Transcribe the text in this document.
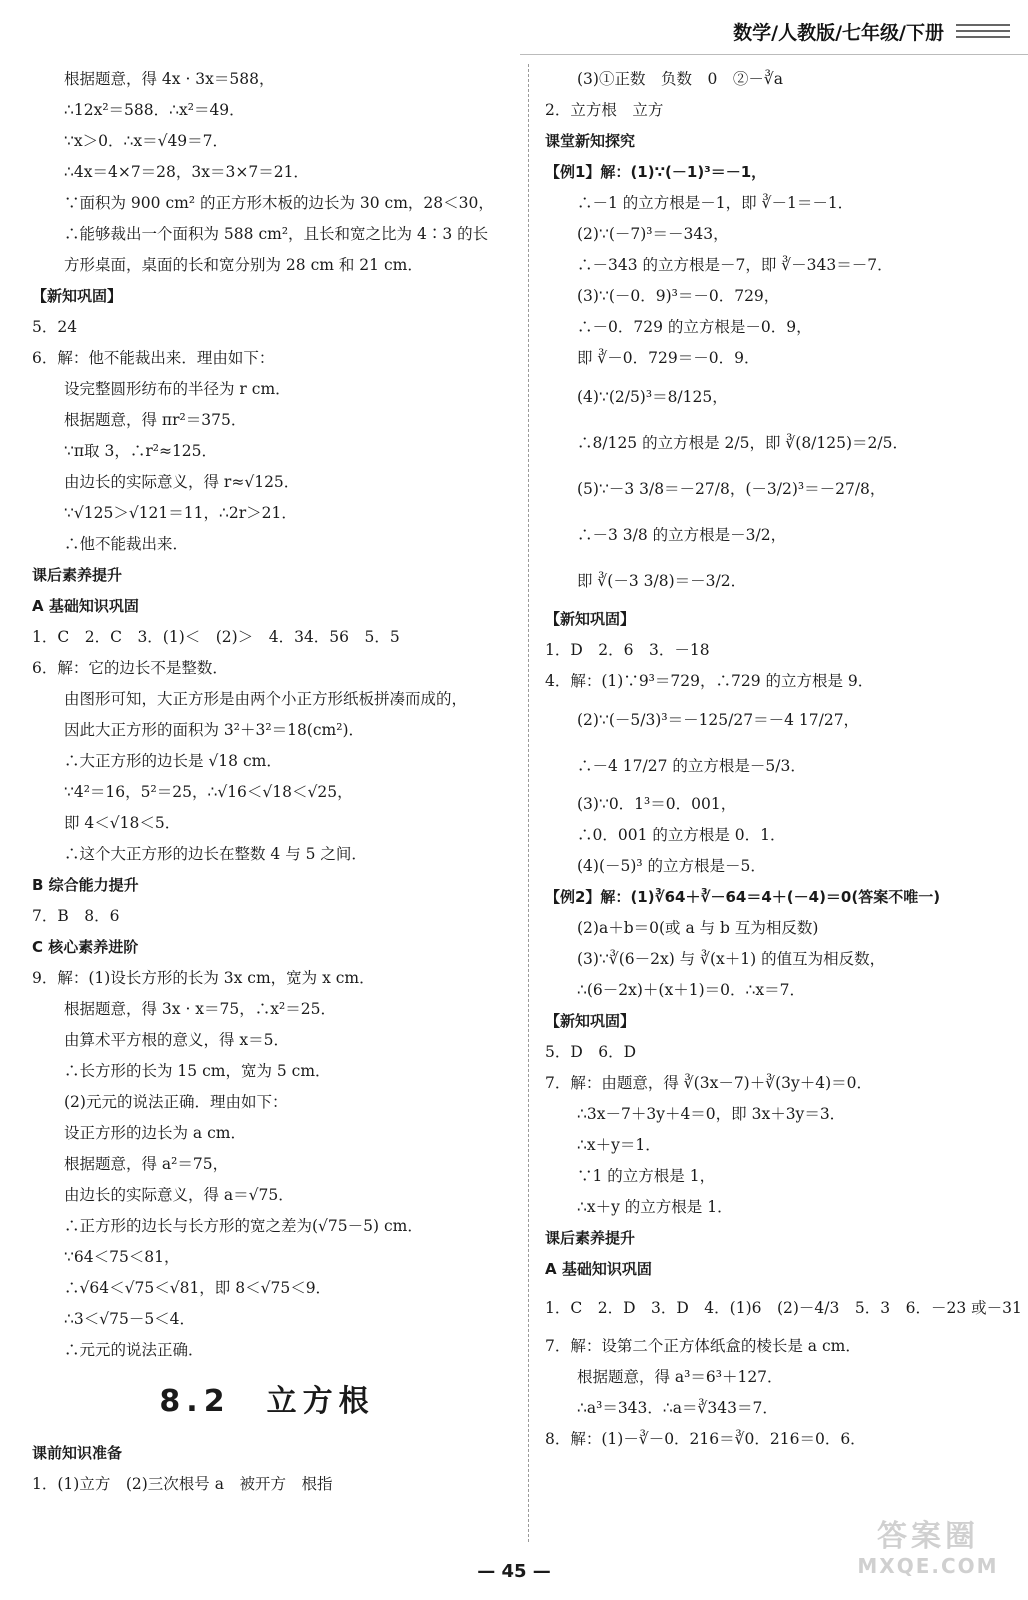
数学/人教版/七年级/下册
根据题意，得 4x · 3x＝588，
∴12x²＝588．∴x²＝49．
∵x＞0．∴x＝√49＝7．
∴4x＝4×7＝28，3x＝3×7＝21．
∵面积为 900 cm² 的正方形木板的边长为 30 cm，28＜30，
∴能够裁出一个面积为 588 cm²，且长和宽之比为 4∶3 的长
方形桌面，桌面的长和宽分别为 28 cm 和 21 cm．
【新知巩固】
5．24
6．解：他不能裁出来．理由如下：
设完整圆形纺布的半径为 r cm．
根据题意，得 πr²＝375．
∵π取 3，∴r²≈125．
由边长的实际意义，得 r≈√125．
∵√125＞√121＝11，∴2r＞21．
∴他不能裁出来．
课后素养提升
A 基础知识巩固
1．C　2．C　3．(1)＜　(2)＞　4．34．56　5．5
6．解：它的边长不是整数．
由图形可知，大正方形是由两个小正方形纸板拼凑而成的，
因此大正方形的面积为 3²＋3²＝18(cm²)．
∴大正方形的边长是 √18 cm．
∵4²＝16，5²＝25，∴√16＜√18＜√25，
即 4＜√18＜5．
∴这个大正方形的边长在整数 4 与 5 之间．
B 综合能力提升
7．B　8．6
C 核心素养进阶
9．解：(1)设长方形的长为 3x cm，宽为 x cm．
根据题意，得 3x · x＝75，∴x²＝25．
由算术平方根的意义，得 x＝5．
∴长方形的长为 15 cm，宽为 5 cm．
(2)元元的说法正确．理由如下：
设正方形的边长为 a cm．
根据题意，得 a²＝75，
由边长的实际意义，得 a＝√75．
∴正方形的边长与长方形的宽之差为(√75－5) cm．
∵64＜75＜81，
∴√64＜√75＜√81，即 8＜√75＜9．
∴3＜√75－5＜4．
∴元元的说法正确．
8.2　立方根
课前知识准备
1．(1)立方　(2)三次根号 a　被开方　根指
(3)①正数　负数　0　②－∛a
2．立方根　立方
课堂新知探究
【例1】解：(1)∵(－1)³＝－1，
∴－1 的立方根是－1，即 ∛－1＝－1．
(2)∵(－7)³＝－343，
∴－343 的立方根是－7，即 ∛－343＝－7．
(3)∵(－0．9)³＝－0．729，
∴－0．729 的立方根是－0．9，
即 ∛－0．729＝－0．9．
(4)∵(2/5)³＝8/125，
∴8/125 的立方根是 2/5，即 ∛(8/125)＝2/5．
(5)∵－3 3/8＝－27/8，(－3/2)³＝－27/8，
∴－3 3/8 的立方根是－3/2，
即 ∛(－3 3/8)＝－3/2．
【新知巩固】
1．D　2．6　3．－18
4．解：(1)∵9³＝729，∴729 的立方根是 9．
(2)∵(－5/3)³＝－125/27＝－4 17/27，
∴－4 17/27 的立方根是－5/3．
(3)∵0．1³＝0．001，
∴0．001 的立方根是 0．1．
(4)(－5)³ 的立方根是－5．
【例2】解：(1)∛64＋∛－64＝4＋(－4)＝0(答案不唯一)
(2)a＋b＝0(或 a 与 b 互为相反数)
(3)∵∛(6－2x) 与 ∛(x＋1) 的值互为相反数，
∴(6－2x)＋(x＋1)＝0．∴x＝7．
【新知巩固】
5．D　6．D
7．解：由题意，得 ∛(3x－7)＋∛(3y＋4)＝0．
∴3x－7＋3y＋4＝0，即 3x＋3y＝3．
∴x＋y＝1．
∵1 的立方根是 1，
∴x＋y 的立方根是 1．
课后素养提升
A 基础知识巩固
1．C　2．D　3．D　4．(1)6　(2)－4/3　5．3　6．－23 或－31
7．解：设第二个正方体纸盒的棱长是 a cm．
根据题意，得 a³＝6³＋127．
∴a³＝343．∴a＝∛343＝7．
8．解：(1)－∛－0．216＝∛0．216＝0．6．
— 45 —
答案圈
MXQE.COM
